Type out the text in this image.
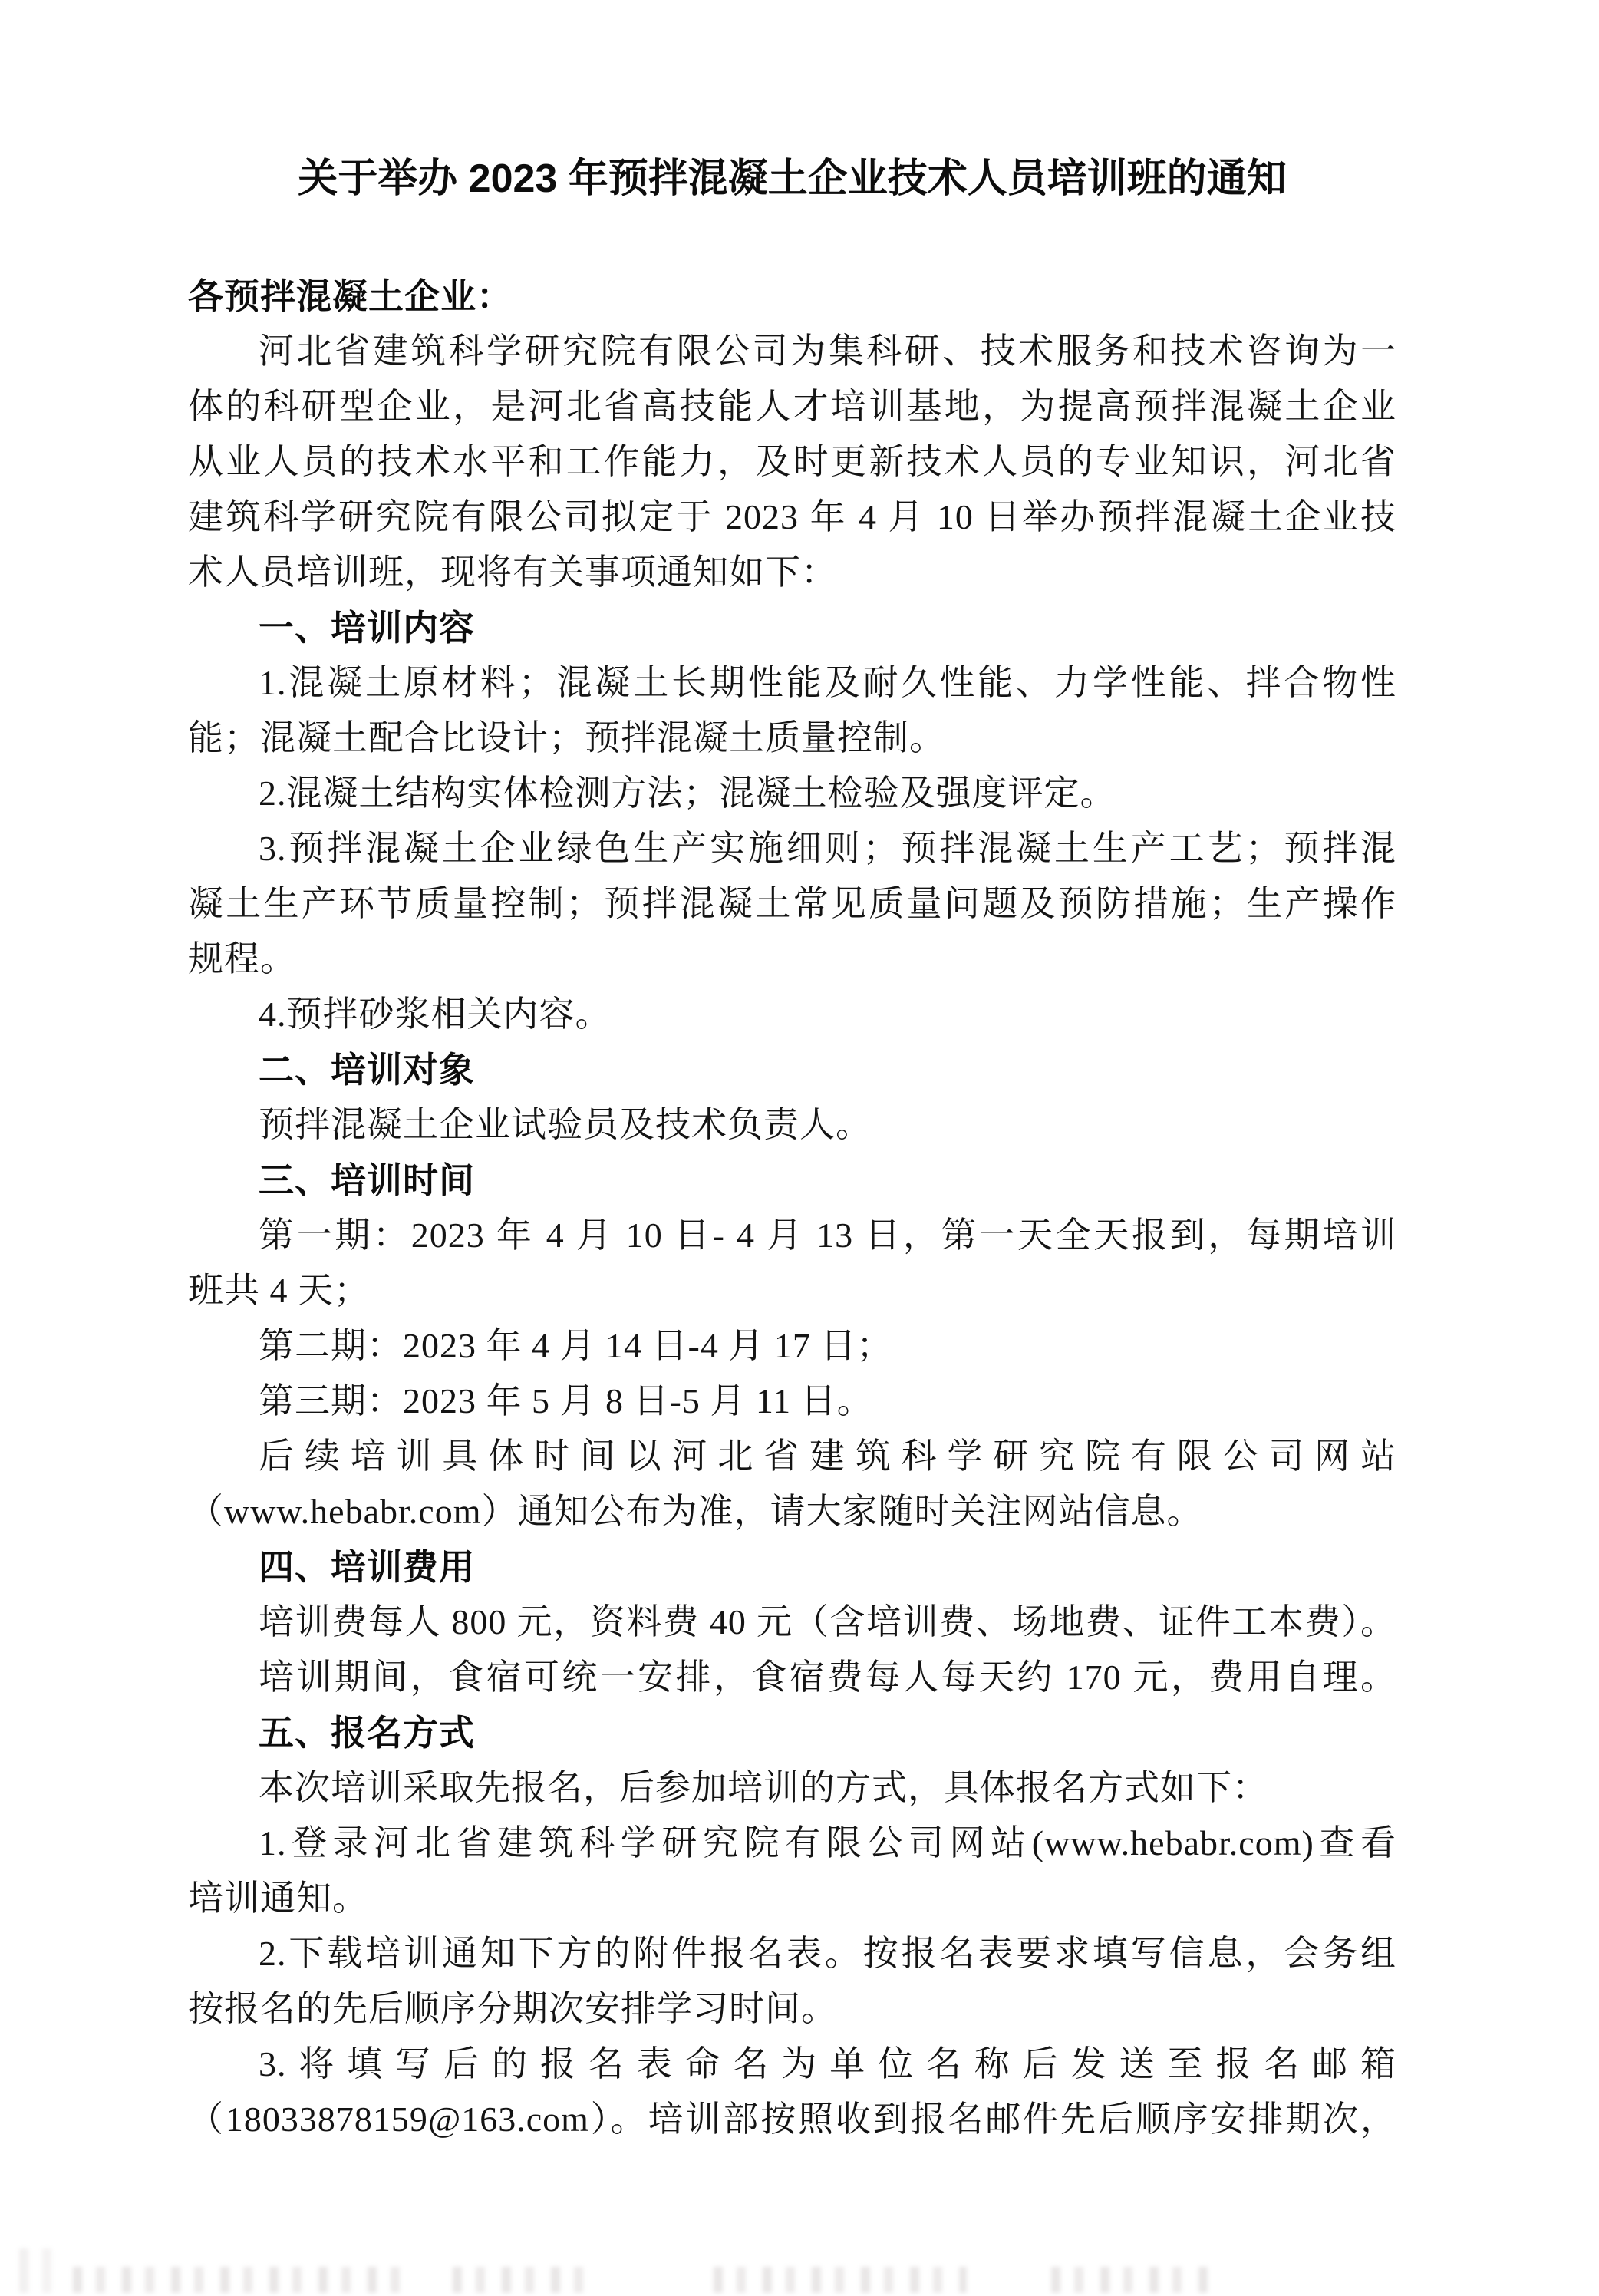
关于举办 2023 年预拌混凝土企业技术人员培训班的通知
各预拌混凝土企业：
河北省建筑科学研究院有限公司为集科研、技术服务和技术咨询为一
体的科研型企业，是河北省高技能人才培训基地，为提高预拌混凝土企业
从业人员的技术水平和工作能力，及时更新技术人员的专业知识，河北省
建筑科学研究院有限公司拟定于 2023 年 4 月 10 日举办预拌混凝土企业技
术人员培训班，现将有关事项通知如下：
一、培训内容
1.混凝土原材料；混凝土长期性能及耐久性能、力学性能、拌合物性
能；混凝土配合比设计；预拌混凝土质量控制。
2.混凝土结构实体检测方法；混凝土检验及强度评定。
3.预拌混凝土企业绿色生产实施细则；预拌混凝土生产工艺；预拌混
凝土生产环节质量控制；预拌混凝土常见质量问题及预防措施；生产操作
规程。
4.预拌砂浆相关内容。
二、培训对象
预拌混凝土企业试验员及技术负责人。
三、培训时间
第一期：2023 年 4 月 10 日- 4 月 13 日，第一天全天报到，每期培训
班共 4 天；
第二期：2023 年 4 月 14 日-4 月 17 日；
第三期：2023 年 5 月 8 日-5 月 11 日。
后续培训具体时间以河北省建筑科学研究院有限公司网站
（www.hebabr.com）通知公布为准，请大家随时关注网站信息。
四、培训费用
培训费每人 800 元，资料费 40 元（含培训费、场地费、证件工本费）。
培训期间，食宿可统一安排，食宿费每人每天约 170 元，费用自理。
五、报名方式
本次培训采取先报名，后参加培训的方式，具体报名方式如下：
1.登录河北省建筑科学研究院有限公司网站(www.hebabr.com)查看
培训通知。
2.下载培训通知下方的附件报名表。按报名表要求填写信息，会务组
按报名的先后顺序分期次安排学习时间。
3.将填写后的报名表命名为单位名称后发送至报名邮箱
（18033878159@163.com）。培训部按照收到报名邮件先后顺序安排期次，
